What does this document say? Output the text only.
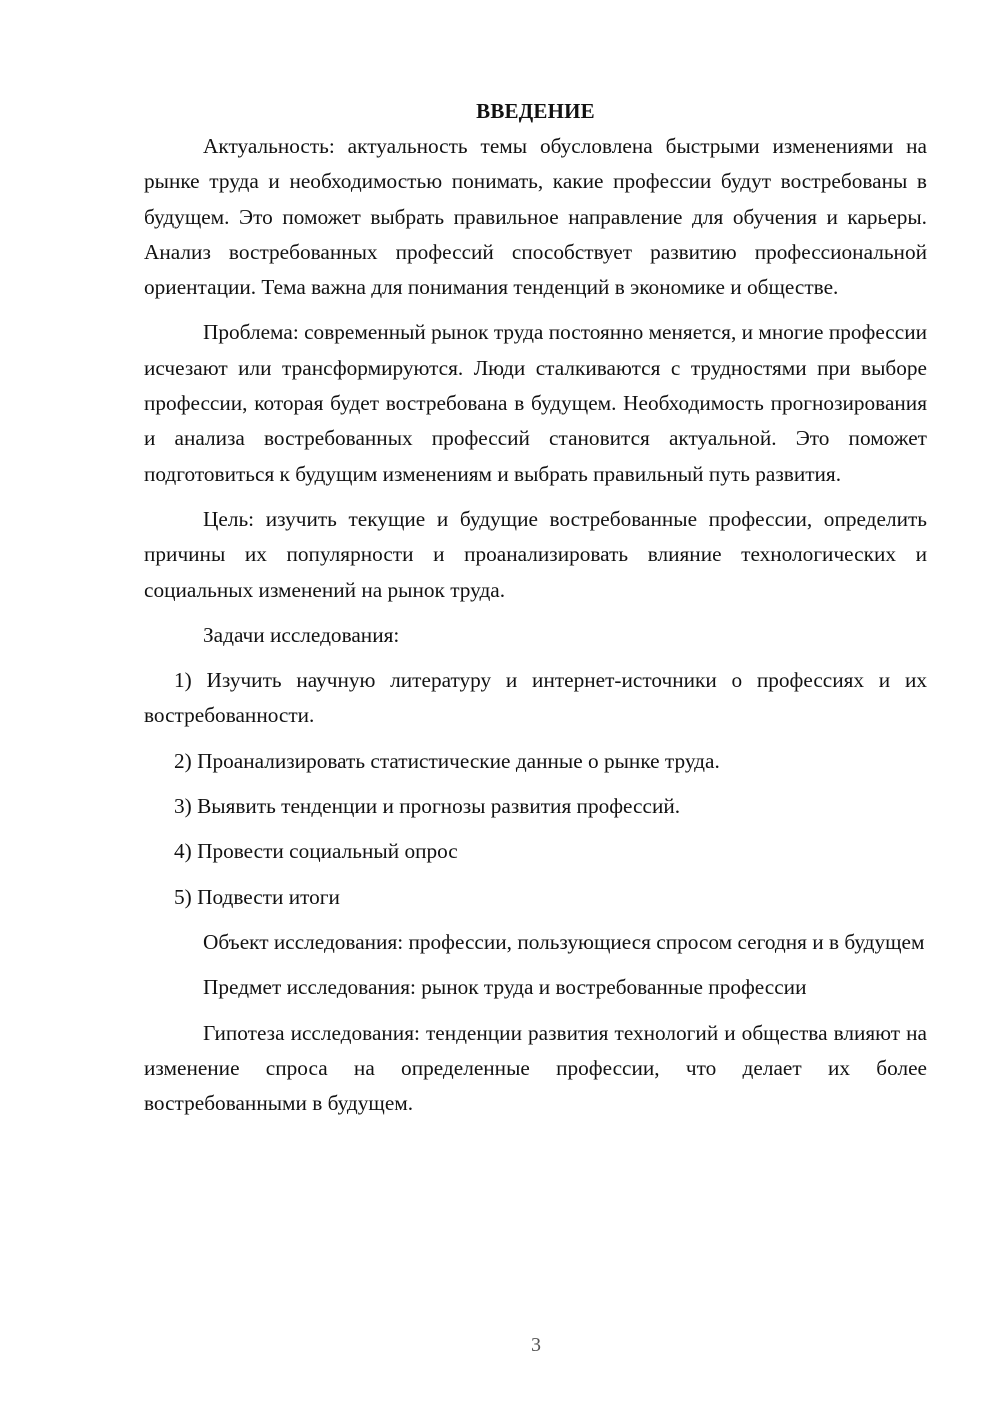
ВВЕДЕНИЕ

Актуальность: актуальность темы обусловлена быстрыми изменениями на рынке труда и необходимостью понимать, какие профессии будут востребованы в будущем. Это поможет выбрать правильное направление для обучения и карьеры. Анализ востребованных профессий способствует развитию профессиональной ориентации. Тема важна для понимания тенденций в экономике и обществе.

Проблема: современный рынок труда постоянно меняется, и многие профессии исчезают или трансформируются. Люди сталкиваются с трудностями при выборе профессии, которая будет востребована в будущем. Необходимость прогнозирования и анализа востребованных профессий становится актуальной. Это поможет подготовиться к будущим изменениям и выбрать правильный путь развития.

Цель: изучить текущие и будущие востребованные профессии, определить причины их популярности и проанализировать влияние технологических и социальных изменений на рынок труда.

Задачи исследования:

1) Изучить научную литературу и интернет-источники о профессиях и их востребованности.

2) Проанализировать статистические данные о рынке труда.

3) Выявить тенденции и прогнозы развития профессий.

4) Провести социальный опрос

5) Подвести итоги

Объект исследования: профессии, пользующиеся спросом сегодня и в будущем

Предмет исследования: рынок труда и востребованные профессии

Гипотеза исследования: тенденции развития технологий и общества влияют на изменение спроса на определенные профессии, что делает их более востребованными в будущем.

3
